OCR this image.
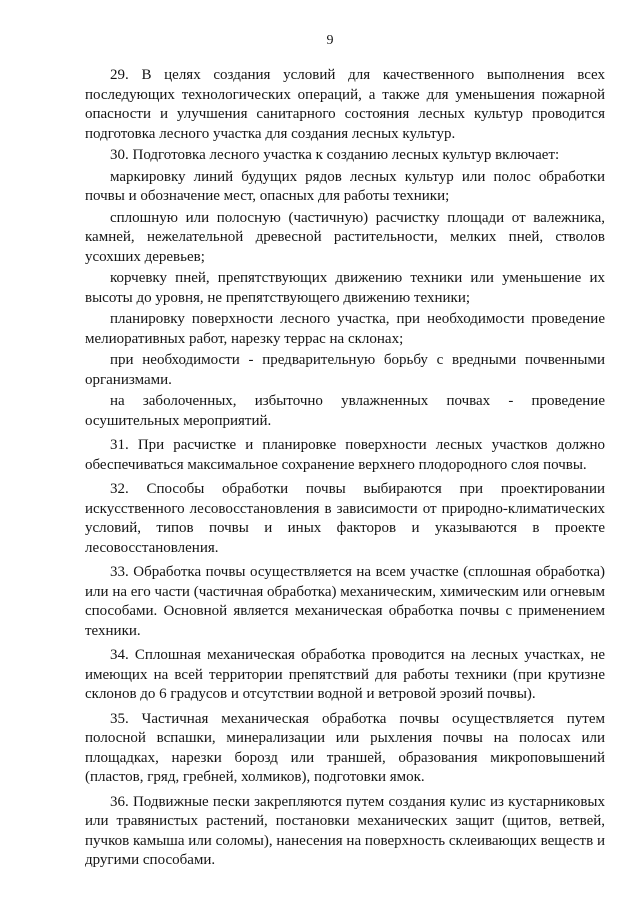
9

29. В целях создания условий для качественного выполнения всех последующих технологических операций, а также для уменьшения пожарной опасности и улучшения санитарного состояния лесных культур проводится подготовка лесного участка для создания лесных культур.

30. Подготовка лесного участка к созданию лесных культур включает:

маркировку линий будущих рядов лесных культур или полос обработки почвы и обозначение мест, опасных для работы техники;

сплошную или полосную (частичную) расчистку площади от валежника, камней, нежелательной древесной растительности, мелких пней, стволов усохших деревьев;

корчевку пней, препятствующих движению техники или уменьшение их высоты до уровня, не препятствующего движению техники;

планировку поверхности лесного участка, при необходимости проведение мелиоративных работ, нарезку террас на склонах;

при необходимости - предварительную борьбу с вредными почвенными организмами.

на заболоченных, избыточно увлажненных почвах - проведение осушительных мероприятий.

31. При расчистке и планировке поверхности лесных участков должно обеспечиваться максимальное сохранение верхнего плодородного слоя почвы.

32. Способы обработки почвы выбираются при проектировании искусственного лесовосстановления в зависимости от природно-климатических условий, типов почвы и иных факторов и указываются в проекте лесовосстановления.

33. Обработка почвы осуществляется на всем участке (сплошная обработка) или на его части (частичная обработка) механическим, химическим или огневым способами. Основной является механическая обработка почвы с применением техники.

34. Сплошная механическая обработка проводится на лесных участках, не имеющих на всей территории препятствий для работы техники (при крутизне склонов до 6 градусов и отсутствии водной и ветровой эрозий почвы).

35. Частичная механическая обработка почвы осуществляется путем полосной вспашки, минерализации или рыхления почвы на полосах или площадках, нарезки борозд или траншей, образования микроповышений (пластов, гряд, гребней, холмиков), подготовки ямок.

36. Подвижные пески закрепляются путем создания кулис из кустарниковых или травянистых растений, постановки механических защит (щитов, ветвей, пучков камыша или соломы), нанесения на поверхность склеивающих веществ и другими способами.
